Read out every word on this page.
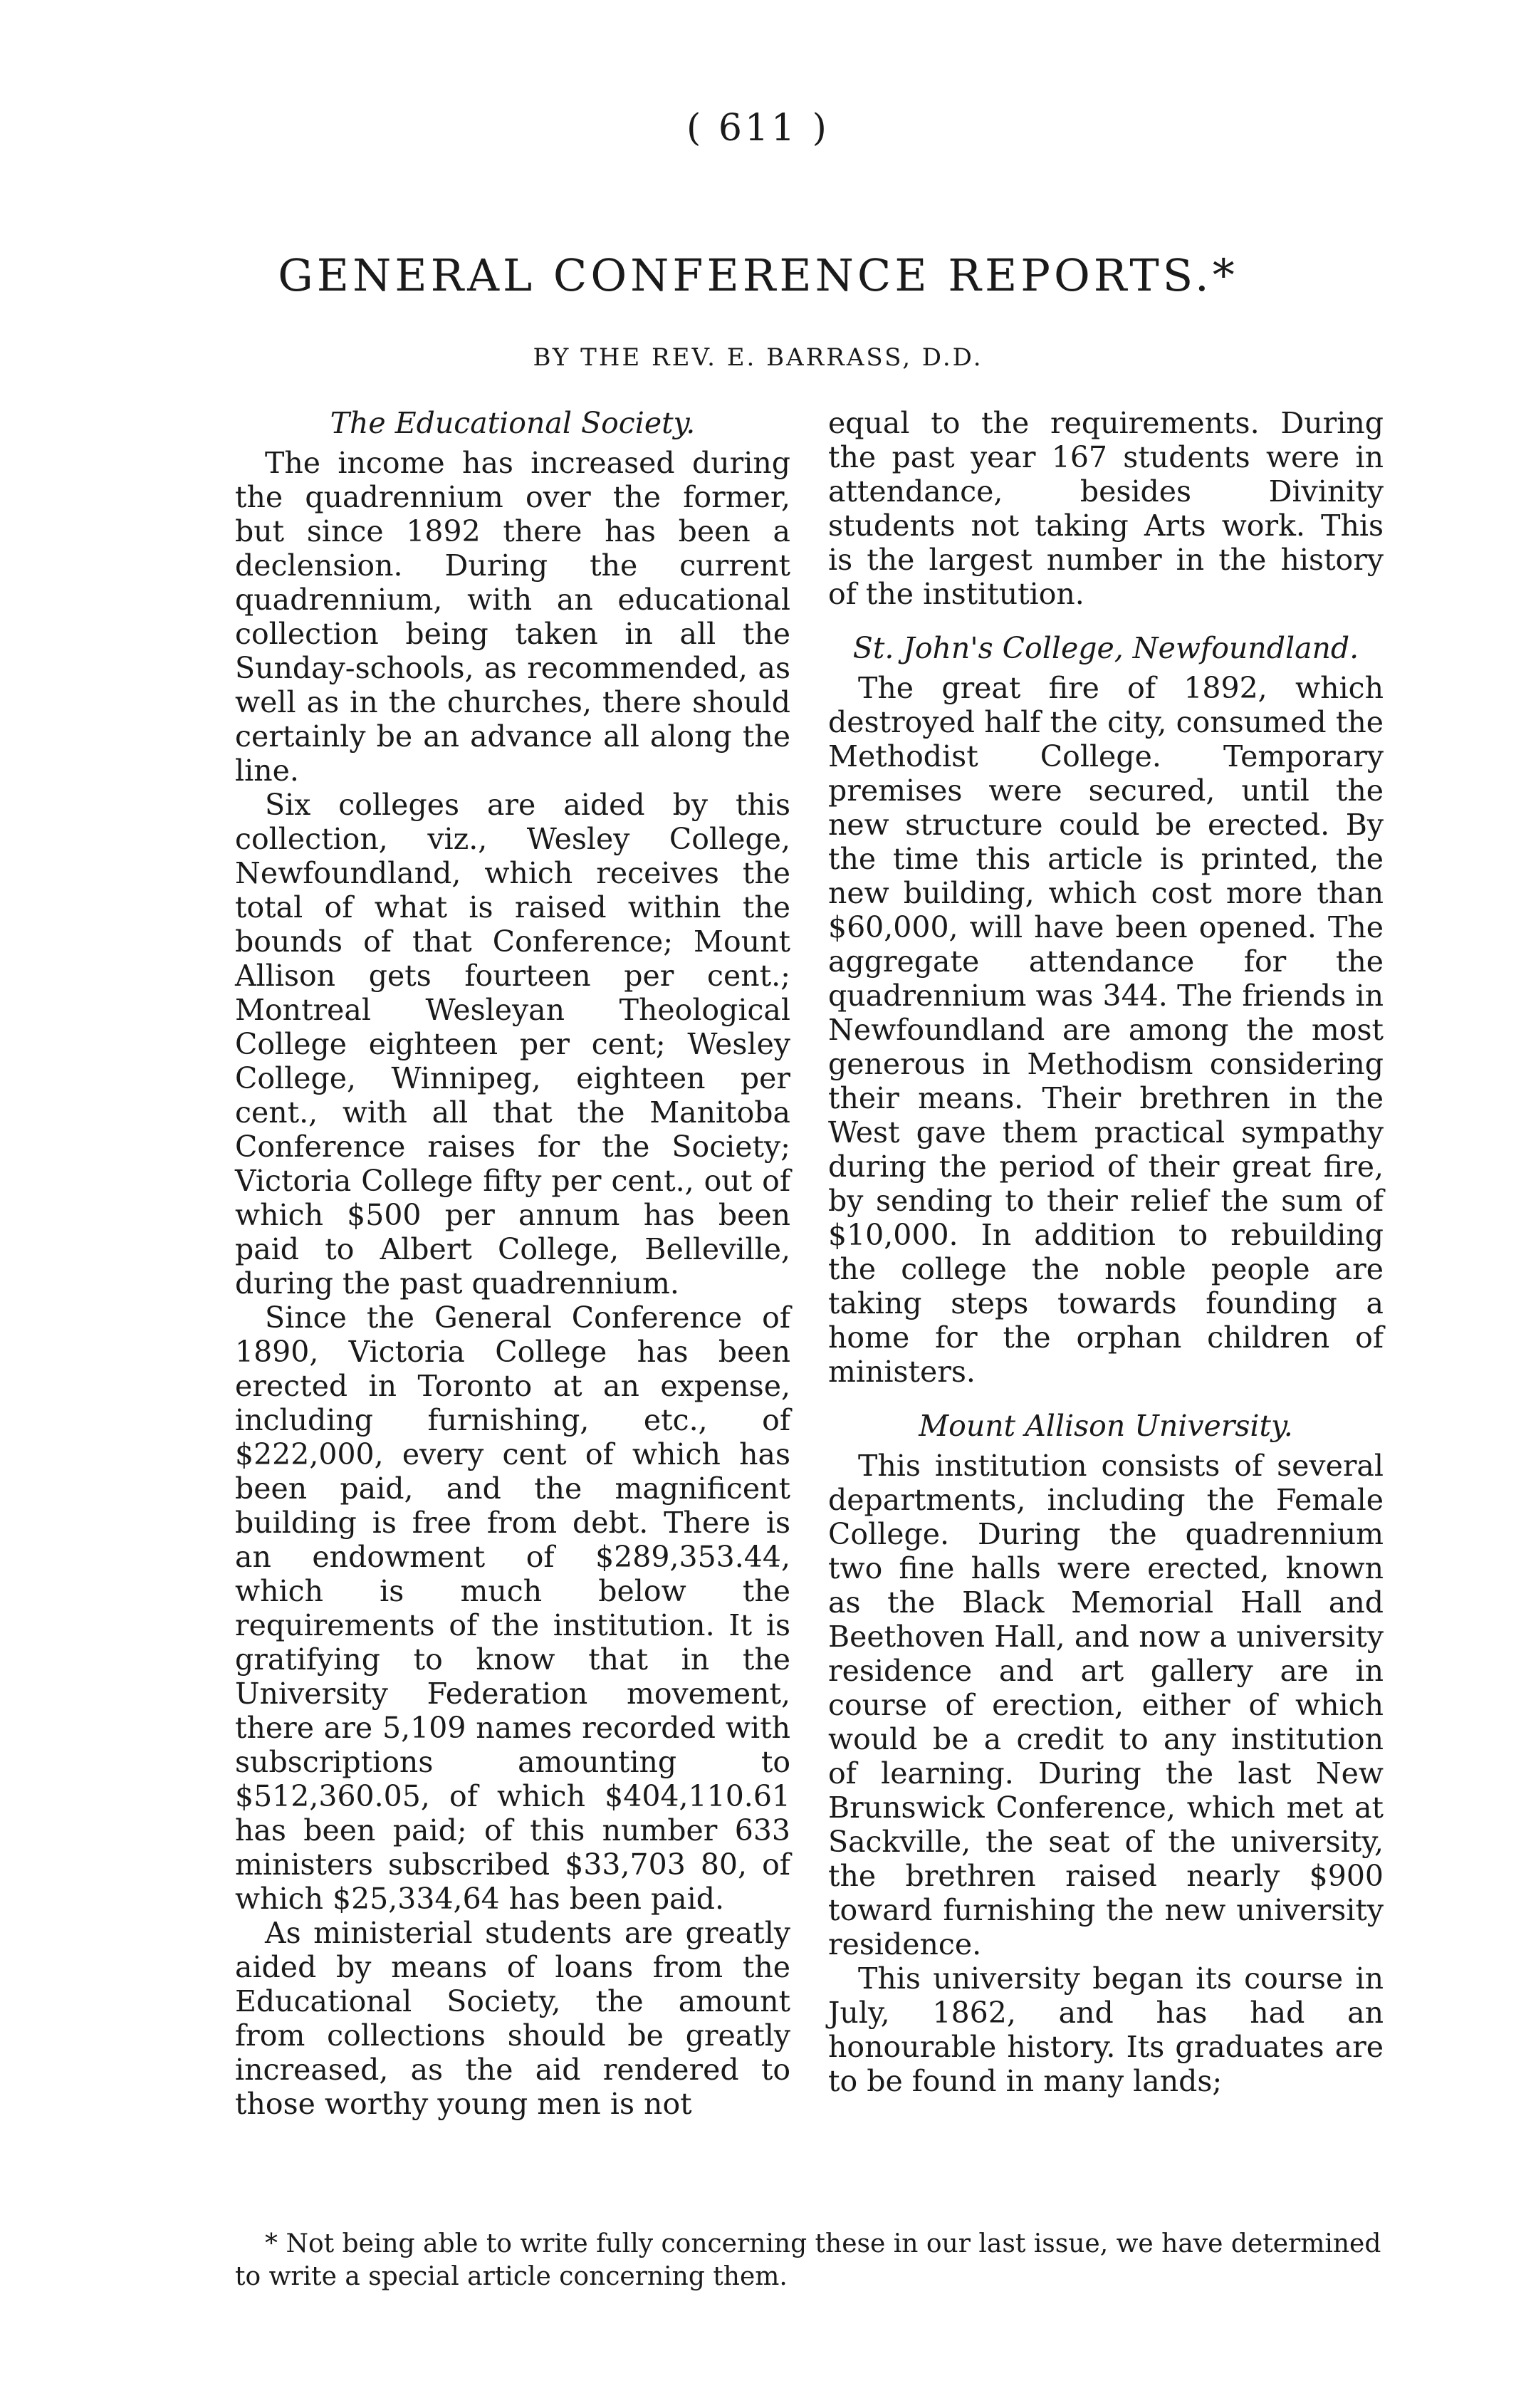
( 611 )
GENERAL CONFERENCE REPORTS.*
BY THE REV. E. BARRASS, D.D.
The Educational Society.

The income has increased during the quadrennium over the former, but since 1892 there has been a declension. During the current quadrennium, with an educational collection being taken in all the Sunday-schools, as recommended, as well as in the churches, there should certainly be an advance all along the line.

Six colleges are aided by this collection, viz., Wesley College, Newfoundland, which receives the total of what is raised within the bounds of that Conference; Mount Allison gets fourteen per cent.; Montreal Wesleyan Theological College eighteen per cent; Wesley College, Winnipeg, eighteen per cent., with all that the Manitoba Conference raises for the Society; Victoria College fifty per cent., out of which $500 per annum has been paid to Albert College, Belleville, during the past quadrennium.

Since the General Conference of 1890, Victoria College has been erected in Toronto at an expense, including furnishing, etc., of $222,000, every cent of which has been paid, and the magnificent building is free from debt. There is an endowment of $289,353.44, which is much below the requirements of the institution. It is gratifying to know that in the University Federation movement, there are 5,109 names recorded with subscriptions amounting to $512,360.05, of which $404,110.61 has been paid; of this number 633 ministers subscribed $33,703 80, of which $25,334,64 has been paid.

As ministerial students are greatly aided by means of loans from the Educational Society, the amount from collections should be greatly increased, as the aid rendered to those worthy young men is not

equal to the requirements. During the past year 167 students were in attendance, besides Divinity students not taking Arts work. This is the largest number in the history of the institution.

St. John's College, Newfoundland.

The great fire of 1892, which destroyed half the city, consumed the Methodist College. Temporary premises were secured, until the new structure could be erected. By the time this article is printed, the new building, which cost more than $60,000, will have been opened. The aggregate attendance for the quadrennium was 344. The friends in Newfoundland are among the most generous in Methodism considering their means. Their brethren in the West gave them practical sympathy during the period of their great fire, by sending to their relief the sum of $10,000. In addition to rebuilding the college the noble people are taking steps towards founding a home for the orphan children of ministers.

Mount Allison University.

This institution consists of several departments, including the Female College. During the quadrennium two fine halls were erected, known as the Black Memorial Hall and Beethoven Hall, and now a university residence and art gallery are in course of erection, either of which would be a credit to any institution of learning. During the last New Brunswick Conference, which met at Sackville, the seat of the university, the brethren raised nearly $900 toward furnishing the new university residence.

This university began its course in July, 1862, and has had an honourable history. Its graduates are to be found in many lands;

* Not being able to write fully concerning these in our last issue, we have determined to write a special article concerning them.
